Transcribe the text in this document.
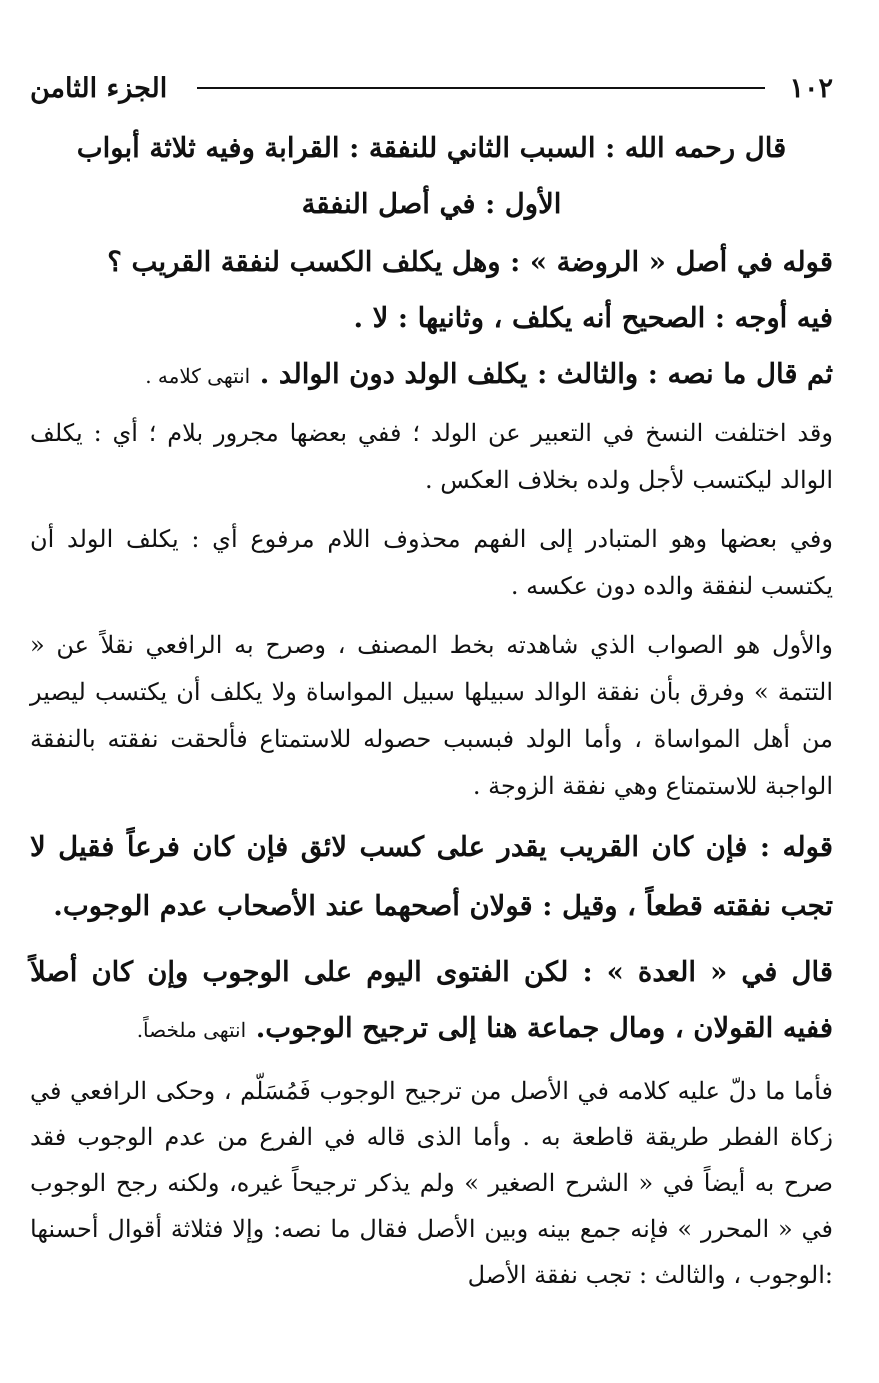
١٠٢
الجزء الثامن
قال رحمه الله : السبب الثاني للنفقة : القرابة وفيه ثلاثة أبواب
الأول : في أصل النفقة
قوله في أصل « الروضة » : وهل يكلف الكسب لنفقة القريب ؟
فيه أوجه : الصحيح أنه يكلف ، وثانيها : لا .
ثم قال ما نصه : والثالث : يكلف الولد دون الوالد . انتهى كلامه .
وقد اختلفت النسخ في التعبير عن الولد ؛ ففي بعضها مجرور بلام ؛ أي : يكلف الوالد ليكتسب لأجل ولده بخلاف العكس .
وفي بعضها وهو المتبادر إلى الفهم محذوف اللام مرفوع أي : يكلف الولد أن يكتسب لنفقة والده دون عكسه .
والأول هو الصواب الذي شاهدته بخط المصنف ، وصرح به الرافعي نقلاً عن « التتمة » وفرق بأن نفقة الوالد سبيلها سبيل المواساة ولا يكلف أن يكتسب ليصير من أهل المواساة ، وأما الولد فبسبب حصوله للاستمتاع فألحقت نفقته بالنفقة الواجبة للاستمتاع وهي نفقة الزوجة .
قوله : فإن كان القريب يقدر على كسب لائق فإن كان فرعاً فقيل لا تجب نفقته قطعاً ، وقيل : قولان أصحهما عند الأصحاب عدم الوجوب.
قال في « العدة » : لكن الفتوى اليوم على الوجوب وإن كان أصلاً ففيه القولان ، ومال جماعة هنا إلى ترجيح الوجوب. انتهى ملخصاً.
فأما ما دلّ عليه كلامه في الأصل من ترجيح الوجوب فَمُسَلّم ، وحكى الرافعي في زكاة الفطر طريقة قاطعة به . وأما الذى قاله في الفرع من عدم الوجوب فقد صرح به أيضاً في « الشرح الصغير » ولم يذكر ترجيحاً غيره، ولكنه رجح الوجوب في « المحرر » فإنه جمع بينه وبين الأصل فقال ما نصه: وإلا فثلاثة أقوال أحسنها :الوجوب ، والثالث : تجب نفقة الأصل
